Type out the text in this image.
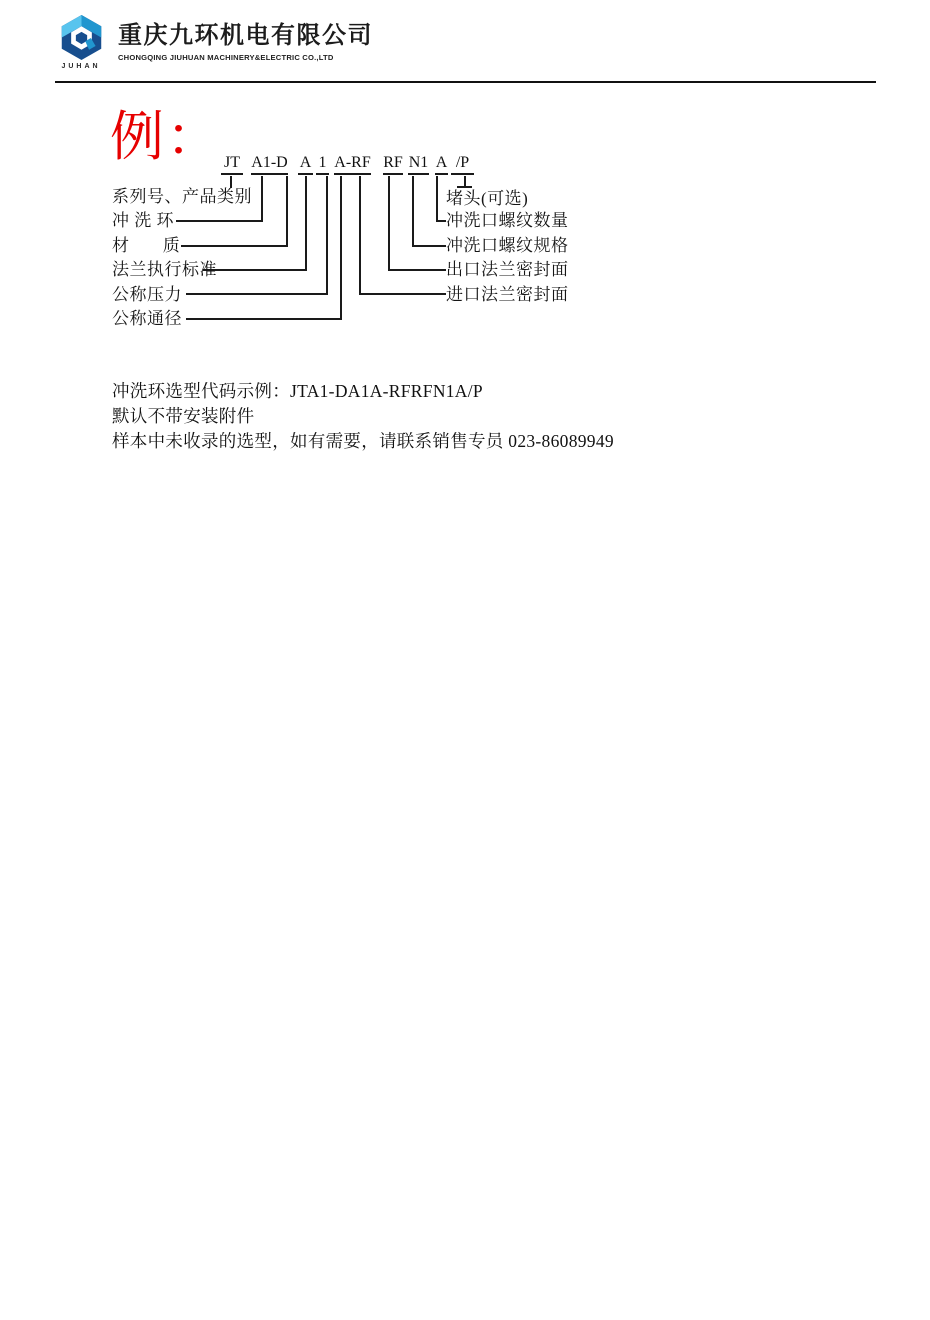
JUHAN
重庆九环机电有限公司
CHONGQING JIUHUAN MACHINERY&ELECTRIC CO.,LTD
例： JT A1-D A 1 A-RF RF N1 A /P
系列号、产品类别
冲 洗 环
材       质
法兰执行标准
公称压力
公称通径
堵头(可选)
冲洗口螺纹数量
冲洗口螺纹规格
出口法兰密封面
进口法兰密封面
冲洗环选型代码示例：JTA1-DA1A-RFRFN1A/P
默认不带安装附件
样本中未收录的选型，如有需要，请联系销售专员 023-86089949
